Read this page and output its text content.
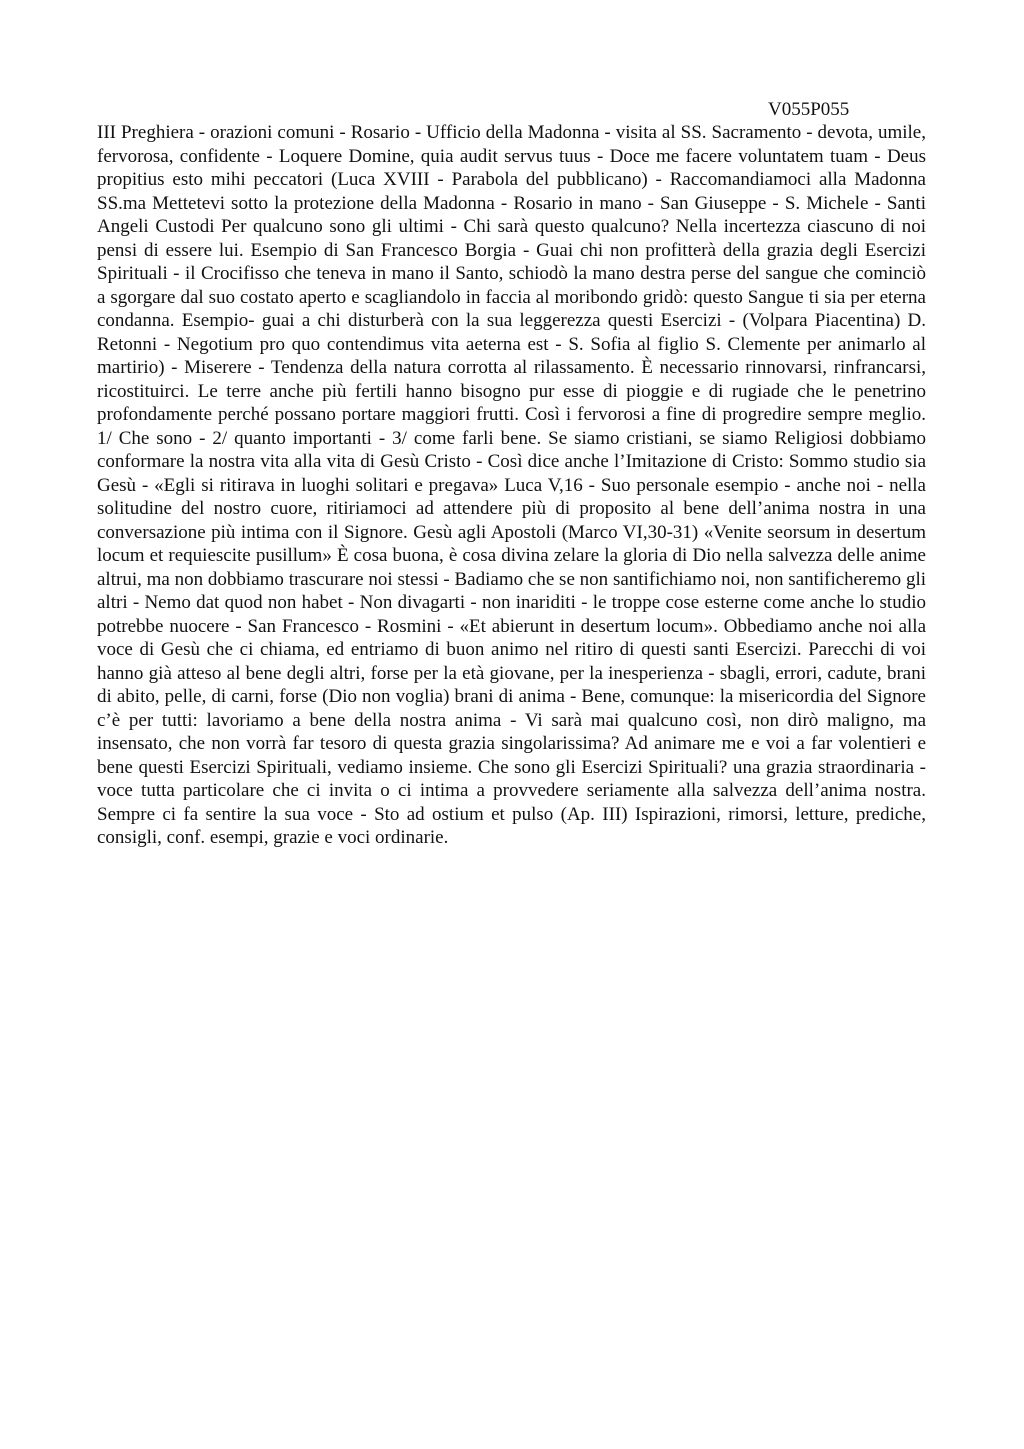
V055P055

III Preghiera - orazioni comuni - Rosario - Ufficio della Madonna - visita al SS. Sacramento - devota, umile, fervorosa, confidente - Loquere Domine, quia audit servus tuus - Doce me facere voluntatem tuam - Deus propitius esto mihi peccatori (Luca XVIII - Parabola del pubblicano) - Raccomandiamoci alla Madonna SS.ma Mettetevi sotto la protezione della Madonna - Rosario in mano - San Giuseppe - S. Michele - Santi Angeli Custodi Per qualcuno sono gli ultimi - Chi sarà questo qualcuno? Nella incertezza ciascuno di noi pensi di essere lui. Esempio di San Francesco Borgia - Guai chi non profitterà della grazia degli Esercizi Spirituali - il Crocifisso che teneva in mano il Santo, schiodò la mano destra perse del sangue che cominciò a sgorgare dal suo costato aperto e scagliandolo in faccia al moribondo gridò: questo Sangue ti sia per eterna condanna. Esempio- guai a chi disturberà con la sua leggerezza questi Esercizi - (Volpara Piacentina) D. Retonni - Negotium pro quo contendimus vita aeterna est - S. Sofia al figlio S. Clemente per animarlo al martirio) - Miserere - Tendenza della natura corrotta al rilassamento. È necessario rinnovarsi, rinfrancarsi, ricostituirci. Le terre anche più fertili hanno bisogno pur esse di pioggie e di rugiade che le penetrino profondamente perché possano portare maggiori frutti. Così i fervorosi a fine di progredire sempre meglio. 1/ Che sono - 2/ quanto importanti - 3/ come farli bene. Se siamo cristiani, se siamo Religiosi dobbiamo conformare la nostra vita alla vita di Gesù Cristo - Così dice anche l’Imitazione di Cristo: Sommo studio sia Gesù - «Egli si ritirava in luoghi solitari e pregava» Luca V,16 - Suo personale esempio - anche noi - nella solitudine del nostro cuore, ritiriamoci ad attendere più di proposito al bene dell’anima nostra in una conversazione più intima con il Signore. Gesù agli Apostoli (Marco VI,30-31) «Venite seorsum in desertum locum et requiescite pusillum» È cosa buona, è cosa divina zelare la gloria di Dio nella salvezza delle anime altrui, ma non dobbiamo trascurare noi stessi - Badiamo che se non santifichiamo noi, non santificheremo gli altri - Nemo dat quod non habet - Non divagarti - non inariditi - le troppe cose esterne come anche lo studio potrebbe nuocere - San Francesco - Rosmini - «Et abierunt in desertum locum». Obbediamo anche noi alla voce di Gesù che ci chiama, ed entriamo di buon animo nel ritiro di questi santi Esercizi. Parecchi di voi hanno già atteso al bene degli altri, forse per la età giovane, per la inesperienza - sbagli, errori, cadute, brani di abito, pelle, di carni, forse (Dio non voglia) brani di anima - Bene, comunque: la misericordia del Signore c’è per tutti: lavoriamo a bene della nostra anima - Vi sarà mai qualcuno così, non dirò maligno, ma insensato, che non vorrà far tesoro di questa grazia singolarissima? Ad animare me e voi a far volentieri e bene questi Esercizi Spirituali, vediamo insieme. Che sono gli Esercizi Spirituali? una grazia straordinaria - voce tutta particolare che ci invita o ci intima a provvedere seriamente alla salvezza dell’anima nostra. Sempre ci fa sentire la sua voce - Sto ad ostium et pulso (Ap. III) Ispirazioni, rimorsi, letture, prediche, consigli, conf. esempi, grazie e voci ordinarie.
